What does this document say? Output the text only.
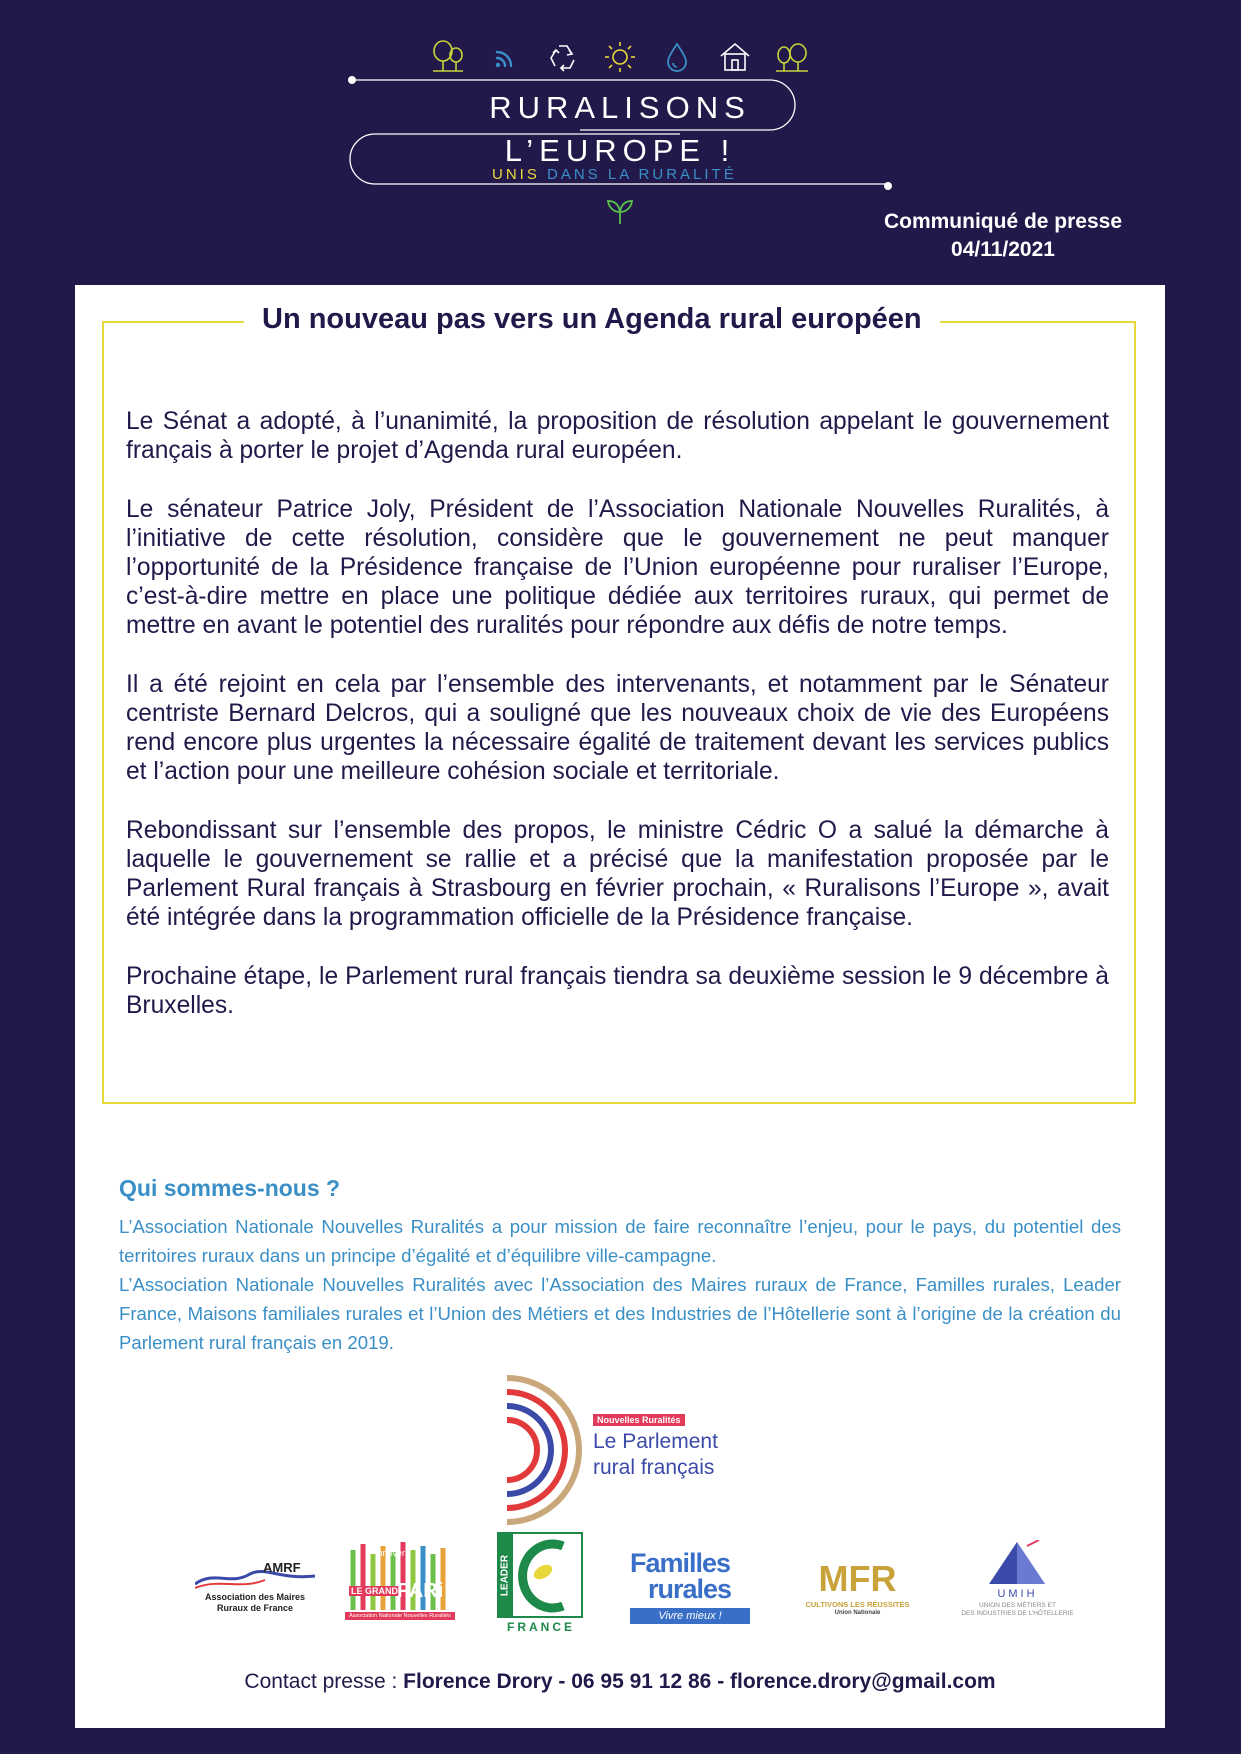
RURALISONS
L’EUROPE !
UNIS DANS LA RURALITÉ
Communiqué de presse
04/11/2021
Un nouveau pas vers un Agenda rural européen

Le Sénat a adopté, à l’unanimité, la proposition de résolution appelant le gouvernement français à porter le projet d’Agenda rural européen.

Le sénateur Patrice Joly, Président de l’Association Nationale Nouvelles Ruralités, à l’initiative de cette résolution, considère que le gouvernement ne peut manquer l’opportunité de la Présidence française de l’Union européenne pour ruraliser l’Europe, c’est-à-dire mettre en place une politique dédiée aux territoires ruraux, qui permet de mettre en avant le potentiel des ruralités pour répondre aux défis de notre temps.

Il a été rejoint en cela par l’ensemble des intervenants, et notamment par le Sénateur centriste Bernard Delcros, qui a souligné que les nouveaux choix de vie des Européens rend encore plus urgentes la nécessaire égalité de traitement devant les services publics et l’action pour une meilleure cohésion sociale et territoriale.

Rebondissant sur l’ensemble des propos, le ministre Cédric O a salué la démarche à laquelle le gouvernement se rallie et a précisé que la manifestation proposée par le Parlement Rural français à Strasbourg en février prochain, « Ruralisons l’Europe », avait été intégrée dans la programmation officielle de la Présidence française.

Prochaine étape, le Parlement rural français tiendra sa deuxième session le 9 décembre à Bruxelles.

Qui sommes-nous ?

L’Association Nationale Nouvelles Ruralités a pour mission de faire reconnaître l’enjeu, pour le pays, du potentiel des territoires ruraux dans un principe d’égalité et d’équilibre ville-campagne.

L’Association Nationale Nouvelles Ruralités avec l’Association des Maires ruraux de France, Familles rurales, Leader France, Maisons familiales rurales et l’Union des Métiers et des Industries de l’Hôtellerie sont à l’origine de la création du Parlement rural français en 2019.

Nouvelles Ruralités
Le Parlement
rural français
AMRF
Association des Maires
Ruraux de France
Innover
LE GRAND PARi
Association Nationale Nouvelles Ruralités
LEADER
FRANCE
Familles
rurales
Vivre mieux !
MFR
CULTIVONS LES RÉUSSITES
Union Nationale
UMIH
UNION DES MÉTIERS ET
DES INDUSTRIES DE L’HÔTELLERIE
Contact presse : Florence Drory - 06 95 91 12 86 - florence.drory@gmail.com
